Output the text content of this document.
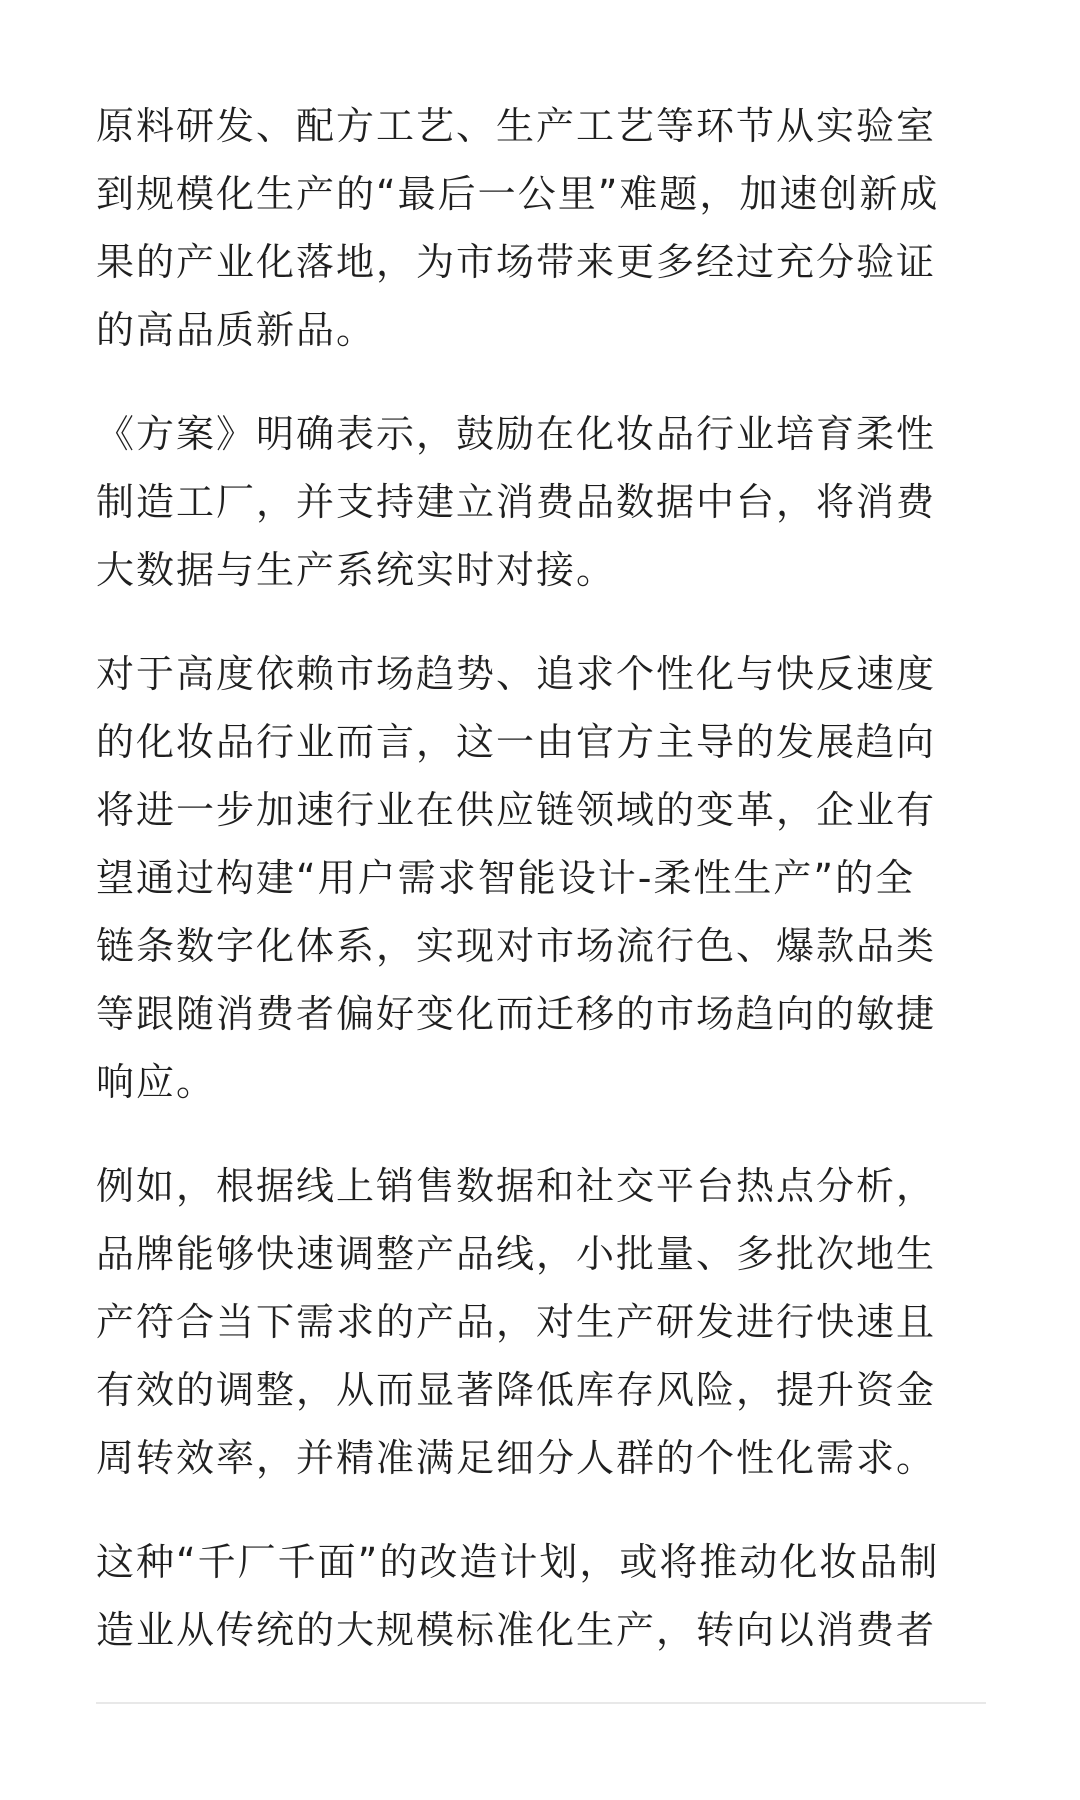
原料研发、配方工艺、生产工艺等环节从实验室
到规模化生产的“最后一公里”难题，加速创新成
果的产业化落地，为市场带来更多经过充分验证
的高品质新品。

《方案》明确表示，鼓励在化妆品行业培育柔性
制造工厂，并支持建立消费品数据中台，将消费
大数据与生产系统实时对接。

对于高度依赖市场趋势、追求个性化与快反速度
的化妆品行业而言，这一由官方主导的发展趋向
将进一步加速行业在供应链领域的变革，企业有
望通过构建“用户需求智能设计-柔性生产”的全
链条数字化体系，实现对市场流行色、爆款品类
等跟随消费者偏好变化而迁移的市场趋向的敏捷
响应。

例如，根据线上销售数据和社交平台热点分析，
品牌能够快速调整产品线，小批量、多批次地生
产符合当下需求的产品，对生产研发进行快速且
有效的调整，从而显著降低库存风险，提升资金
周转效率，并精准满足细分人群的个性化需求。

这种“千厂千面”的改造计划，或将推动化妆品制
造业从传统的大规模标准化生产，转向以消费者
